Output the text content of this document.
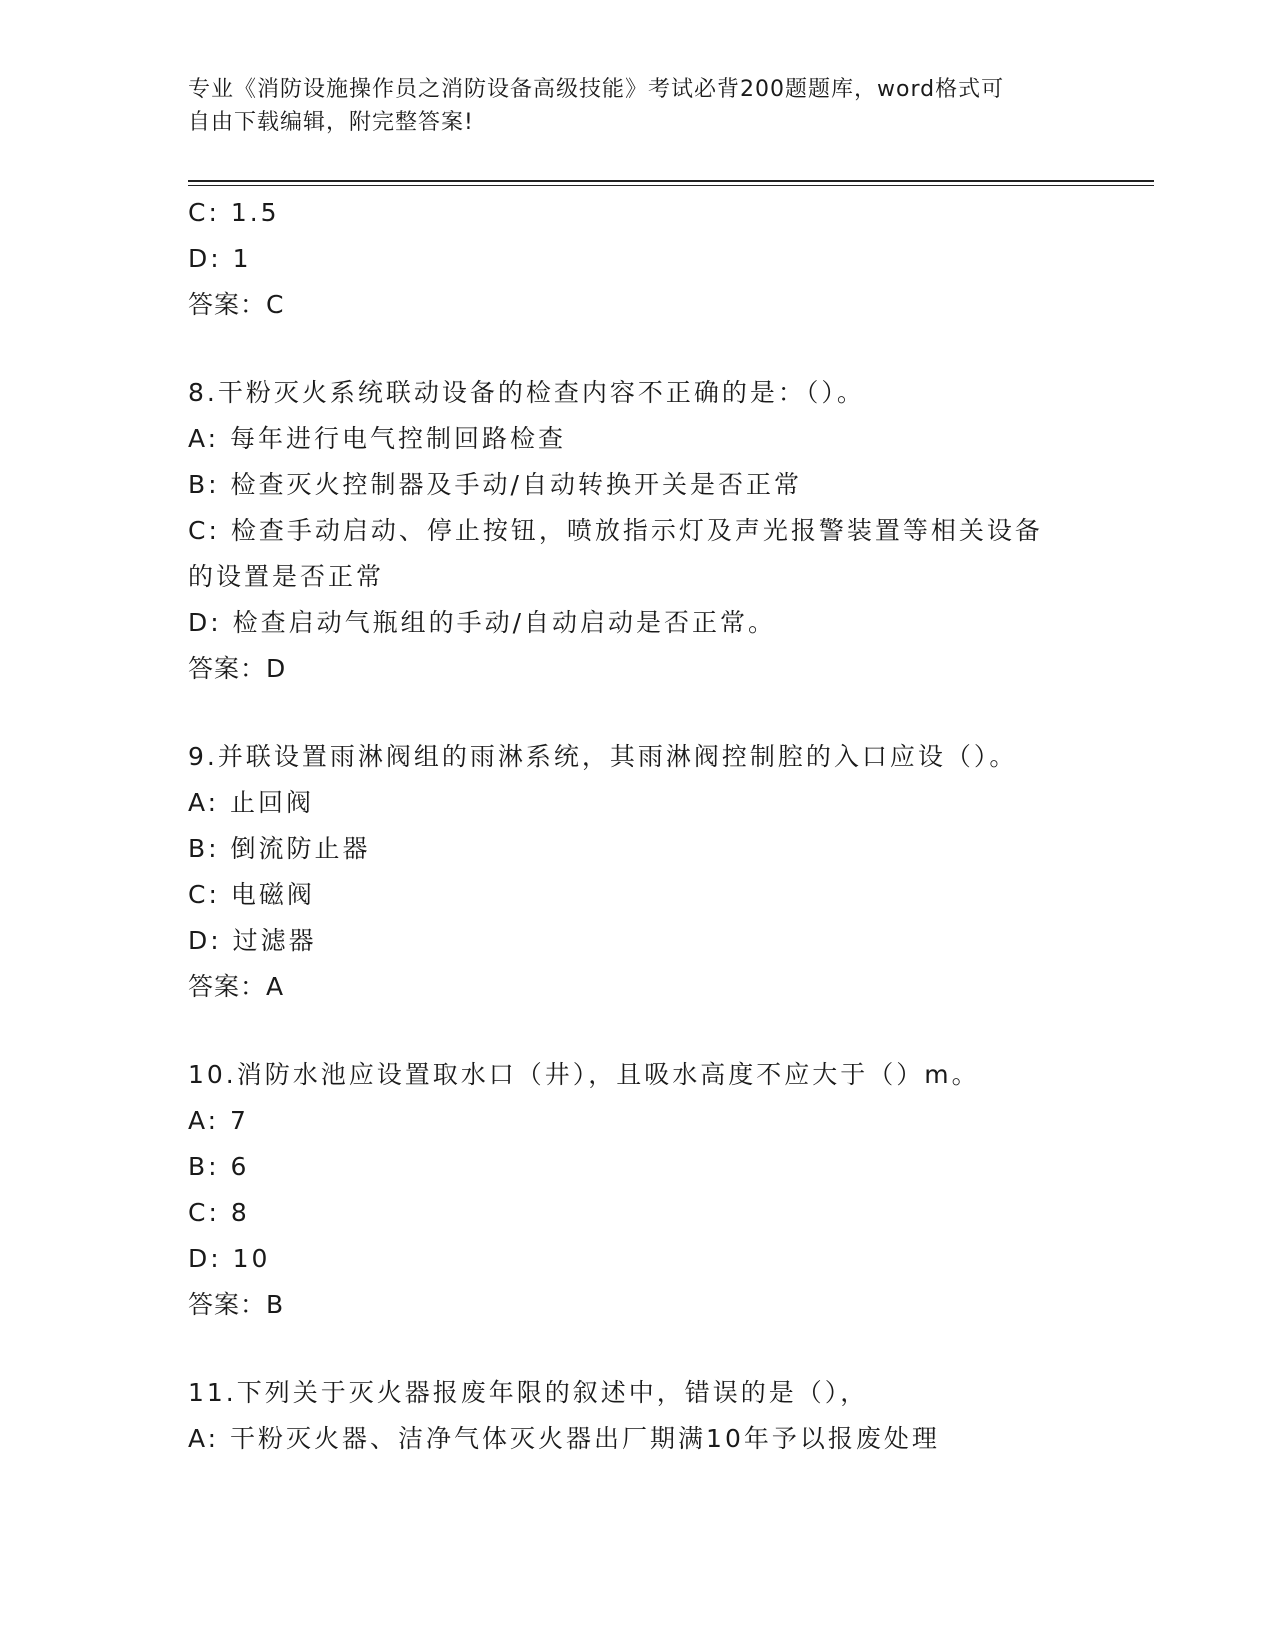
专业《消防设施操作员之消防设备高级技能》考试必背200题题库，word格式可
自由下载编辑，附完整答案!
C: 1.5
D: 1
答案：C
8.干粉灭火系统联动设备的检查内容不正确的是：（）。
A: 每年进行电气控制回路检查
B: 检查灭火控制器及手动/自动转换开关是否正常
C: 检查手动启动、停止按钮，喷放指示灯及声光报警装置等相关设备
的设置是否正常
D: 检查启动气瓶组的手动/自动启动是否正常。
答案：D
9.并联设置雨淋阀组的雨淋系统，其雨淋阀控制腔的入口应设（）。
A: 止回阀
B: 倒流防止器
C: 电磁阀
D: 过滤器
答案：A
10.消防水池应设置取水口（井），且吸水高度不应大于（）m。
A: 7
B: 6
C: 8
D: 10
答案：B
11.下列关于灭火器报废年限的叙述中，错误的是（），
A: 干粉灭火器、洁净气体灭火器出厂期满10年予以报废处理
